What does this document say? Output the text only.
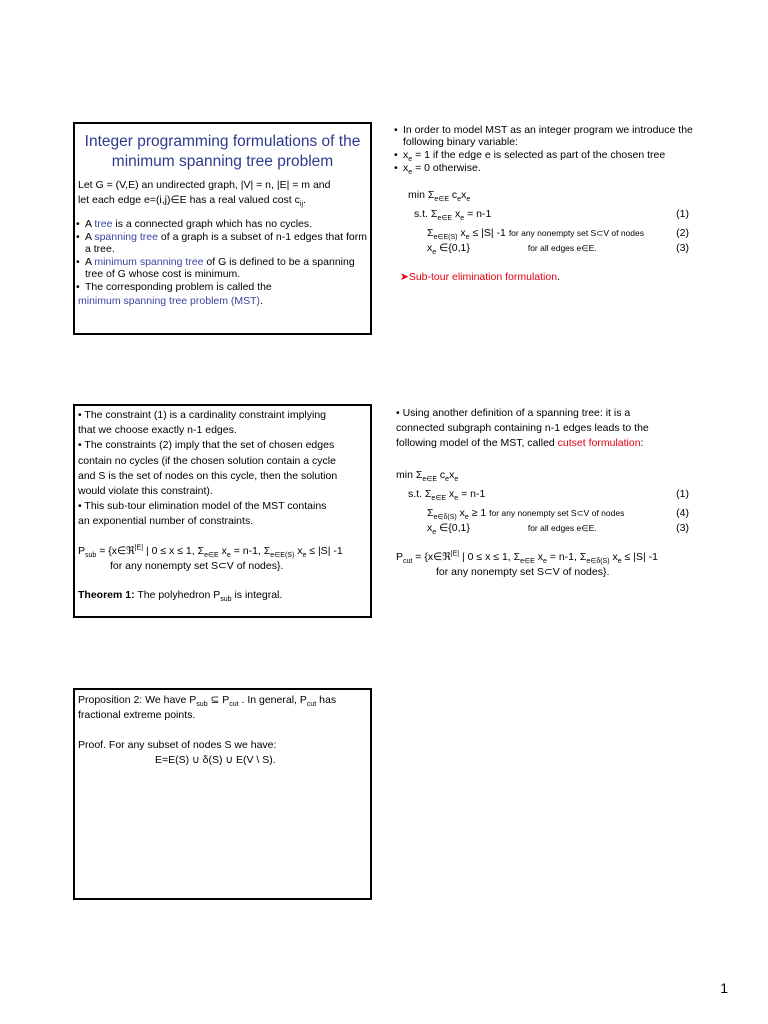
Integer programming formulations of the minimum spanning tree problem
Let G = (V,E) an undirected graph, |V| = n, |E| = m and
let each edge e=(i,j)∈E has a real valued cost $c_{ij}$.
• A tree is a connected graph which has no cycles.
• A spanning tree of a graph is a subset of n-1 edges that form a tree.
• A minimum spanning tree of G is defined to be a spanning tree of G whose cost is minimum.
• The corresponding problem is called the
minimum spanning tree problem (MST).
• In order to model MST as an integer program we introduce the following binary variable:
• $x_e = 1$ if the edge e is selected as part of the chosen tree
• $x_e = 0$ otherwise.
$\min \Sigma_{e\in E}$ $c_ex_e$
s.t. $\Sigma_{e\in E}$ $x_e = n-1$	(1)
$\Sigma_{e\in E(S)}$ $x_e \le |S|$ -1 for any nonempty set S⊂V of nodes	(2)
$x_e$ ∈{0,1}	for all edges e∈E.	(3)
➤Sub-tour elimination formulation.
• The constraint (1) is a cardinality constraint implying
that we choose exactly n-1 edges.
• The constraints (2) imply that the set of chosen edges
contain no cycles (if the chosen solution contain a cycle
and S is the set of nodes on this cycle, then the solution
would violate this constraint).
• This sub-tour elimination model of the MST contains
an exponential number of constraints.
$P_{sub}$ = {x∈ℜ$^{|E|}$ | 0 ≤ x ≤ 1, $\Sigma_{e\in E}$ $x_e = n-1$, $\Sigma_{e\in E(S)}$ $x_e \le |S|$ -1
for any nonempty set S⊂V of nodes}.
Theorem 1: The polyhedron $P_{sub}$ is integral.
• Using another definition of a spanning tree: it is a
connected subgraph containing n-1 edges leads to the
following model of the MST, called cutset formulation:
$\min \Sigma_{e\in E}$ $c_ex_e$
s.t. $\Sigma_{e\in E}$ $x_e = n-1$	(1)
$\Sigma_{e\in\delta(S)}$ $x_e \ge 1$ for any nonempty set S⊂V of nodes	(4)
$x_e$ ∈{0,1}	for all edges e∈E.	(3)
$P_{cut}$ = {x∈ℜ$^{|E|}$ | 0 ≤ x ≤ 1, $\Sigma_{e\in E}$ $x_e = n-1$, $\Sigma_{e\in\delta(S)}$ $x_e \le |S|$ -1
for any nonempty set S⊂V of nodes}.
Proposition 2: We have $P_{sub}$ ⊆ $P_{cut}$ . In general, $P_{cut}$ has
fractional extreme points.
Proof. For any subset of nodes S we have:
E=E(S) ∪ δ(S) ∪ E(V \ S).
1
